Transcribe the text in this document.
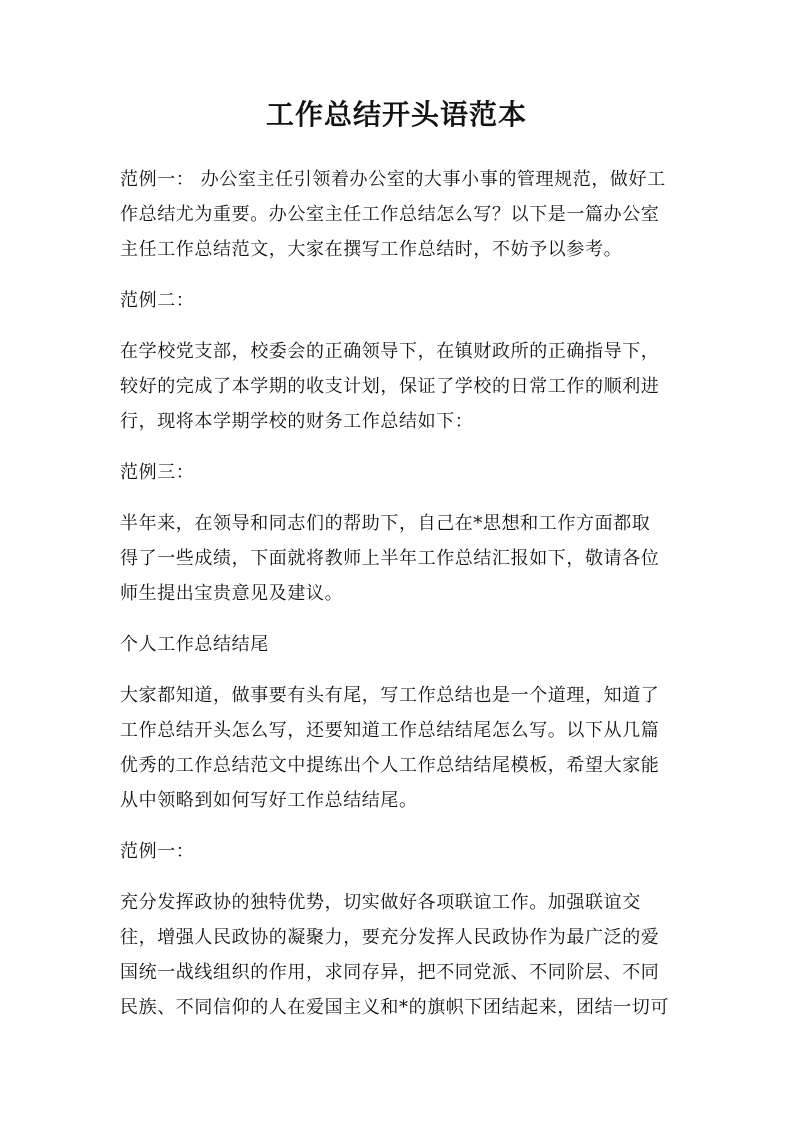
工作总结开头语范本
范例一： 办公室主任引领着办公室的大事小事的管理规范，做好工
作总结尤为重要。办公室主任工作总结怎么写？以下是一篇办公室
主任工作总结范文，大家在撰写工作总结时，不妨予以参考。
范例二：
在学校党支部，校委会的正确领导下，在镇财政所的正确指导下，
较好的完成了本学期的收支计划，保证了学校的日常工作的顺利进
行，现将本学期学校的财务工作总结如下：
范例三：
半年来，在领导和同志们的帮助下，自己在*思想和工作方面都取
得了一些成绩，下面就将教师上半年工作总结汇报如下，敬请各位
师生提出宝贵意见及建议。
个人工作总结结尾
大家都知道，做事要有头有尾，写工作总结也是一个道理，知道了
工作总结开头怎么写，还要知道工作总结结尾怎么写。以下从几篇
优秀的工作总结范文中提练出个人工作总结结尾模板，希望大家能
从中领略到如何写好工作总结结尾。
范例一：
充分发挥政协的独特优势，切实做好各项联谊工作。加强联谊交
往，增强人民政协的凝聚力，要充分发挥人民政协作为最广泛的爱
国统一战线组织的作用，求同存异，把不同党派、不同阶层、不同
民族、不同信仰的人在爱国主义和*的旗帜下团结起来，团结一切可
